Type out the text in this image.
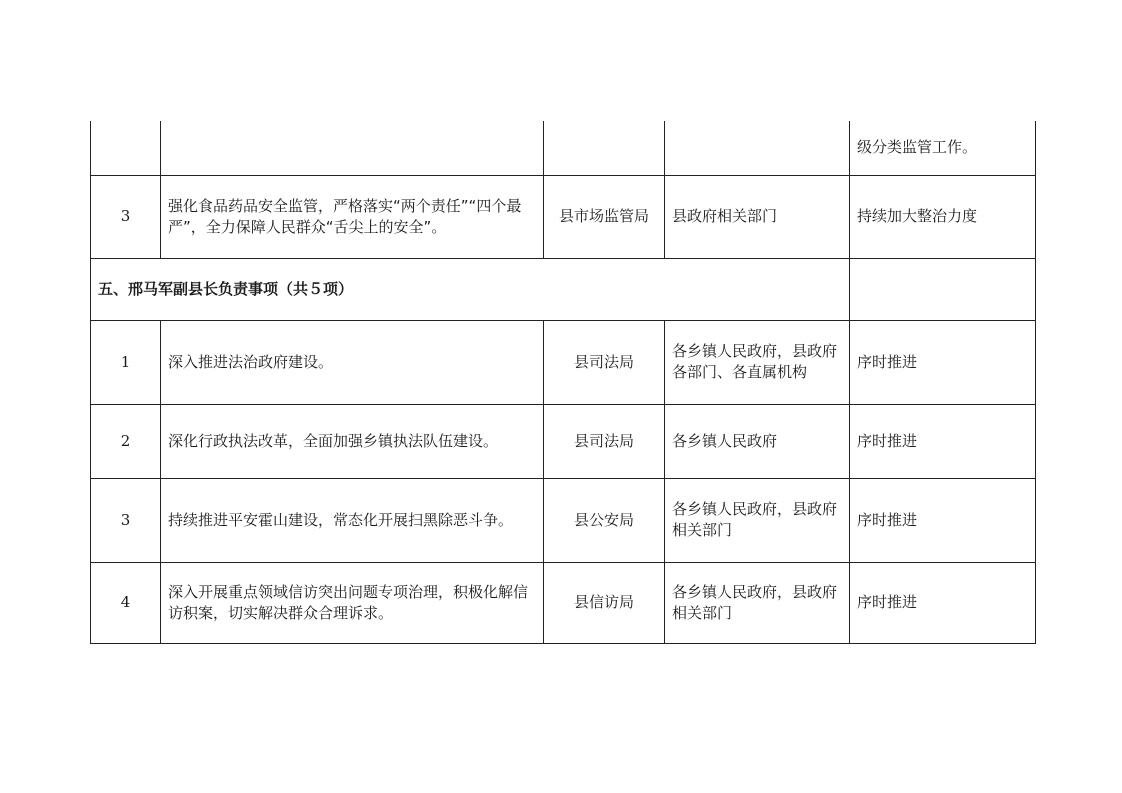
				级分类监管工作。
3	强化食品药品安全监管，严格落实“两个责任”“四个最严”，全力保障人民群众“舌尖上的安全”。	县市场监管局	县政府相关部门	持续加大整治力度
五、邢马军副县长负责事项（共５项）				
1	深入推进法治政府建设。	县司法局	各乡镇人民政府，县政府各部门、各直属机构	序时推进
2	深化行政执法改革，全面加强乡镇执法队伍建设。	县司法局	各乡镇人民政府	序时推进
3	持续推进平安霍山建设，常态化开展扫黑除恶斗争。	县公安局	各乡镇人民政府，县政府相关部门	序时推进
4	深入开展重点领域信访突出问题专项治理，积极化解信访积案，切实解决群众合理诉求。	县信访局	各乡镇人民政府，县政府相关部门	序时推进
